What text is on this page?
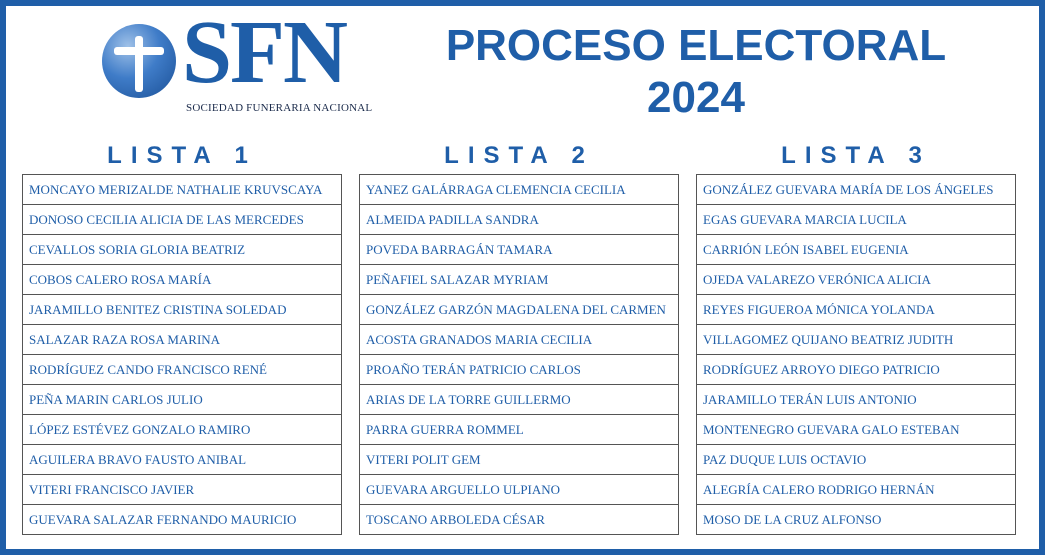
SFN
SOCIEDAD FUNERARIA NACIONAL
PROCESO ELECTORAL
2024
LISTA 1
MONCAYO MERIZALDE NATHALIE KRUVSCAYA
DONOSO CECILIA ALICIA DE LAS MERCEDES
CEVALLOS SORIA GLORIA BEATRIZ
COBOS CALERO ROSA MARÍA
JARAMILLO BENITEZ CRISTINA SOLEDAD
SALAZAR RAZA ROSA MARINA
RODRÍGUEZ CANDO FRANCISCO RENÉ
PEÑA MARIN CARLOS JULIO
LÓPEZ ESTÉVEZ GONZALO RAMIRO
AGUILERA BRAVO FAUSTO ANIBAL
VITERI FRANCISCO JAVIER
GUEVARA SALAZAR FERNANDO MAURICIO
LISTA 2
YANEZ GALÁRRAGA CLEMENCIA CECILIA
ALMEIDA PADILLA SANDRA
POVEDA BARRAGÁN TAMARA
PEÑAFIEL SALAZAR MYRIAM
GONZÁLEZ GARZÓN MAGDALENA DEL CARMEN
ACOSTA GRANADOS MARIA CECILIA
PROAÑO TERÁN PATRICIO CARLOS
ARIAS DE LA TORRE GUILLERMO
PARRA GUERRA ROMMEL
VITERI POLIT GEM
GUEVARA ARGUELLO ULPIANO
TOSCANO ARBOLEDA CÉSAR
LISTA 3
GONZÁLEZ GUEVARA MARÍA DE LOS ÁNGELES
EGAS GUEVARA MARCIA LUCILA
CARRIÓN LEÓN ISABEL EUGENIA
OJEDA VALAREZO VERÓNICA ALICIA
REYES FIGUEROA MÓNICA YOLANDA
VILLAGOMEZ QUIJANO BEATRIZ JUDITH
RODRÍGUEZ ARROYO DIEGO PATRICIO
JARAMILLO TERÁN LUIS ANTONIO
MONTENEGRO GUEVARA GALO ESTEBAN
PAZ DUQUE LUIS OCTAVIO
ALEGRÍA CALERO RODRIGO HERNÁN
MOSO DE LA CRUZ ALFONSO
